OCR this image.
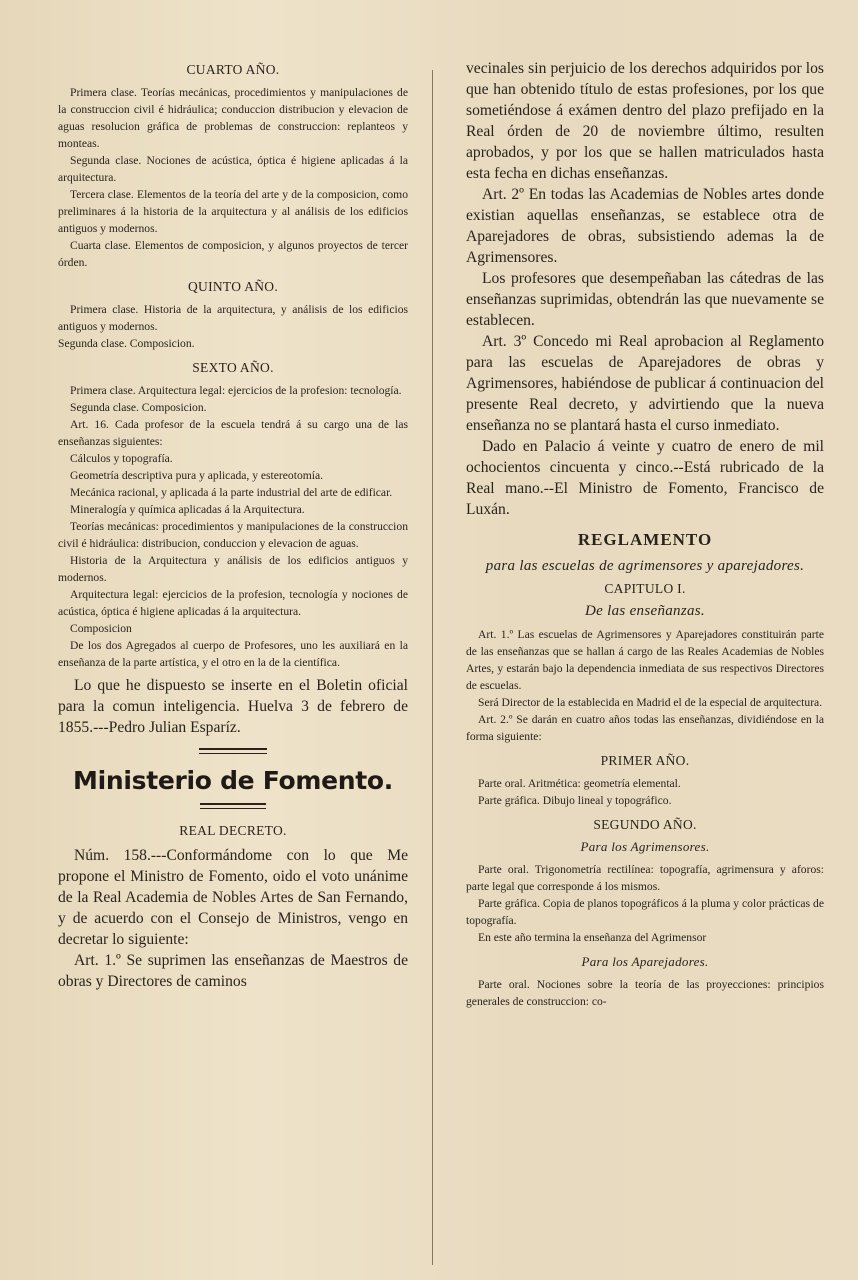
CUARTO AÑO.

Primera clase. Teorías mecánicas, procedimientos y manipulaciones de la construccion civil é hidráulica; conduccion distribucion y elevacion de aguas resolucion gráfica de problemas de construccion: replanteos y monteas.

Segunda clase. Nociones de acústica, óptica é higiene aplicadas á la arquitectura.

Tercera clase. Elementos de la teoría del arte y de la composicion, como preliminares á la historia de la arquitectura y al análisis de los edificios antiguos y modernos.

Cuarta clase. Elementos de composicion, y algunos proyectos de tercer órden.

QUINTO AÑO.

Primera clase. Historia de la arquitectura, y análisis de los edificios antiguos y modernos.

Segunda clase. Composicion.

SEXTO AÑO.

Primera clase. Arquitectura legal: ejercicios de la profesion: tecnología.

Segunda clase. Composicion.

Art. 16. Cada profesor de la escuela tendrá á su cargo una de las enseñanzas siguientes:

Cálculos y topografía.

Geometría descriptiva pura y aplicada, y estereotomía.

Mecánica racional, y aplicada á la parte industrial del arte de edificar.

Mineralogía y química aplicadas á la Arquitectura.

Teorías mecánicas: procedimientos y manipulaciones de la construccion civil é hidráulica: distribucion, conduccion y elevacion de aguas.

Historia de la Arquitectura y análisis de los edificios antiguos y modernos.

Arquitectura legal: ejercicios de la profesion, tecnología y nociones de acústica, óptica é higiene aplicadas á la arquitectura.

Composicion

De los dos Agregados al cuerpo de Profesores, uno les auxiliará en la enseñanza de la parte artística, y el otro en la de la científica.

Lo que he dispuesto se inserte en el Boletin oficial para la comun inteligencia. Huelva 3 de febrero de 1855.---Pedro Julian Esparíz.

Ministerio de Fomento.
REAL DECRETO.

Núm. 158.---Conformándome con lo que Me propone el Ministro de Fomento, oido el voto unánime de la Real Academia de Nobles Artes de San Fernando, y de acuerdo con el Consejo de Ministros, vengo en decretar lo siguiente:

Art. 1.º Se suprimen las enseñanzas de Maestros de obras y Directores de caminos

vecinales sin perjuicio de los derechos adquiridos por los que han obtenido título de estas profesiones, por los que sometiéndose á exámen dentro del plazo prefijado en la Real órden de 20 de noviembre último, resulten aprobados, y por los que se hallen matriculados hasta esta fecha en dichas enseñanzas.

Art. 2º En todas las Academias de Nobles artes donde existian aquellas enseñanzas, se establece otra de Aparejadores de obras, subsistiendo ademas la de Agrimensores.

Los profesores que desempeñaban las cátedras de las enseñanzas suprimidas, obtendrán las que nuevamente se establecen.

Art. 3º Concedo mi Real aprobacion al Reglamento para las escuelas de Aparejadores de obras y Agrimensores, habiéndose de publicar á continuacion del presente Real decreto, y advirtiendo que la nueva enseñanza no se plantará hasta el curso inmediato.

Dado en Palacio á veinte y cuatro de enero de mil ochocientos cincuenta y cinco.--Está rubricado de la Real mano.--El Ministro de Fomento, Francisco de Luxán.

REGLAMENTO
para las escuelas de agrimensores y aparejadores.
CAPITULO I.
De las enseñanzas.

Art. 1.º Las escuelas de Agrimensores y Aparejadores constituirán parte de las enseñanzas que se hallan á cargo de las Reales Academias de Nobles Artes, y estarán bajo la dependencia inmediata de sus respectivos Directores de escuelas.

Será Director de la establecida en Madrid el de la especial de arquitectura.

Art. 2.º Se darán en cuatro años todas las enseñanzas, dividiéndose en la forma siguiente:

PRIMER AÑO.

Parte oral. Aritmética: geometría elemental.

Parte gráfica. Dibujo lineal y topográfico.

SEGUNDO AÑO.
Para los Agrimensores.

Parte oral. Trigonometría rectilínea: topografía, agrimensura y aforos: parte legal que corresponde á los mismos.

Parte gráfica. Copia de planos topográficos á la pluma y color prácticas de topografía.

En este año termina la enseñanza del Agrimensor

Para los Aparejadores.

Parte oral. Nociones sobre la teoría de las proyecciones: principios generales de construccion: co-
